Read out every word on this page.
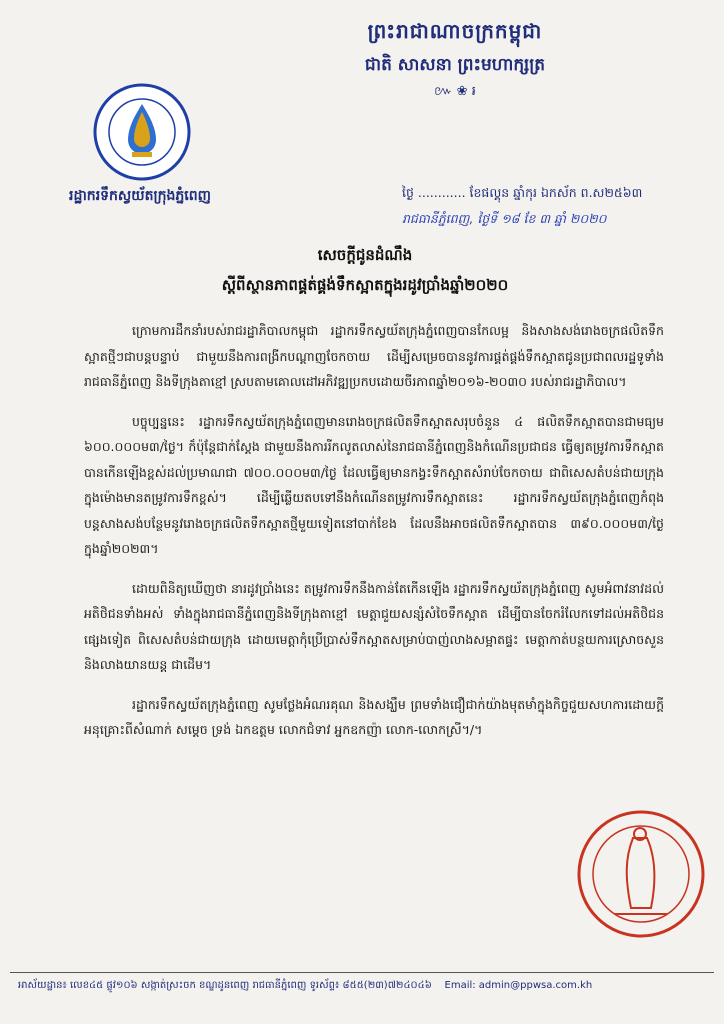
ព្រះរាជាណាចក្រកម្ពុជា
ជាតិ សាសនា ព្រះមហាក្សត្រ
៚ ❀ ៛
រដ្ឋាករទឹកស្វយ័តក្រុងភ្នំពេញ	ថ្ងៃ ............ ខែផល្គុន ឆ្នាំកុរ ឯកស័ក ព.ស២៥៦៣
រាជធានីភ្នំពេញ, ថ្ងៃទី ១៨ ខែ ៣ ឆ្នាំ ២០២០
សេចក្តីជូនដំណឹង
ស្តីពីស្ថានភាពផ្គត់ផ្គង់ទឹកស្អាតក្នុងរដូវប្រាំងឆ្នាំ២០២០

ក្រោមការដឹកនាំរបស់រាជរដ្ឋាភិបាលកម្ពុជា រដ្ឋាករទឹកស្វយ័តក្រុងភ្នំពេញបានកែលម្អ និងសាងសង់រោងចក្រផលិតទឹកស្អាតថ្មីៗជាបន្តបន្ទាប់ ជាមួយនឹងការពង្រីកបណ្តាញចែកចាយ ដើម្បីសម្រេចបាននូវការផ្គត់ផ្គង់ទឹកស្អាតជូនប្រជាពលរដ្ឋទូទាំងរាជធានីភ្នំពេញ និងទីក្រុងតាខ្មៅ ស្របតាមគោលដៅអភិវឌ្ឍប្រកបដោយចីរភាពឆ្នាំ២០១៦-២០៣០ របស់រាជរដ្ឋាភិបាល។

បច្ចុប្បន្ននេះ រដ្ឋាករទឹកស្វយ័តក្រុងភ្នំពេញមានរោងចក្រផលិតទឹកស្អាតសរុបចំនួន ៤ ផលិតទឹកស្អាតបានជាមធ្យម ៦០០.០០០ម៣/ថ្ងៃ។ ក៏ប៉ុន្តែជាក់ស្តែង ជាមួយនឹងការរីកលូតលាស់នៃរាជធានីភ្នំពេញនិងកំណើនប្រជាជន ធ្វើឲ្យតម្រូវការទឹកស្អាតបានកើនឡើងខ្ពស់ដល់ប្រមាណជា ៧០០.០០០ម៣/ថ្ងៃ ដែលធ្វើឲ្យមានកង្វះទឹកស្អាតសំរាប់ចែកចាយ ជាពិសេសតំបន់ជាយក្រុងក្នុងម៉ោងមានតម្រូវការទឹកខ្ពស់។ ដើម្បីឆ្លើយតបទៅនឹងកំណើនតម្រូវការទឹកស្អាតនេះ រដ្ឋាករទឹកស្វយ័តក្រុងភ្នំពេញកំពុងបន្តសាងសង់បន្ថែមនូវរោងចក្រផលិតទឹកស្អាតថ្មីមួយទៀតនៅបាក់ខែង ដែលនឹងអាចផលិតទឹកស្អាតបាន ៣៩០.០០០ម៣/ថ្ងៃ ក្នុងឆ្នាំ២០២៣។

ដោយពិនិត្យឃើញថា នារដូវប្រាំងនេះ តម្រូវការទឹកនឹងកាន់តែកើនឡើង រដ្ឋាករទឹកស្វយ័តក្រុងភ្នំពេញ សូមអំពាវនាវដល់អតិថិជនទាំងអស់ ទាំងក្នុងរាជធានីភ្នំពេញនិងទីក្រុងតាខ្មៅ មេត្តាជួយសន្សំសំចៃទឹកស្អាត ដើម្បីបានចែករំលែកទៅដល់អតិថិជនផ្សេងទៀត ពិសេសតំបន់ជាយក្រុង ដោយមេត្តាកុំប្រើប្រាស់ទឹកស្អាតសម្រាប់បាញ់លាងសម្អាតផ្ទះ មេត្តាកាត់បន្ថយការស្រោចសួននិងលាងយានយន្ត ជាដើម។

រដ្ឋាករទឹកស្វយ័តក្រុងភ្នំពេញ សូមថ្លែងអំណរគុណ និងសង្ឃឹម ព្រមទាំងជឿជាក់យ៉ាងមុតមាំក្នុងកិច្ចជួយសហការដោយក្តីអនុគ្រោះពីសំណាក់ សម្តេច ទ្រង់ ឯកឧត្តម លោកជំទាវ អ្នកឧកញ៉ា លោក-លោកស្រី។/។

អាស័យដ្ឋាន៖ លេខ៤៥ ផ្លូវ១០៦ សង្កាត់ស្រះចក ខណ្ឌដូនពេញ រាជធានីភ្នំពេញ ទូរស័ព្ទ៖ ៨៥៥(២៣)៧២៤០៤៦ Email: admin@ppwsa.com.kh
